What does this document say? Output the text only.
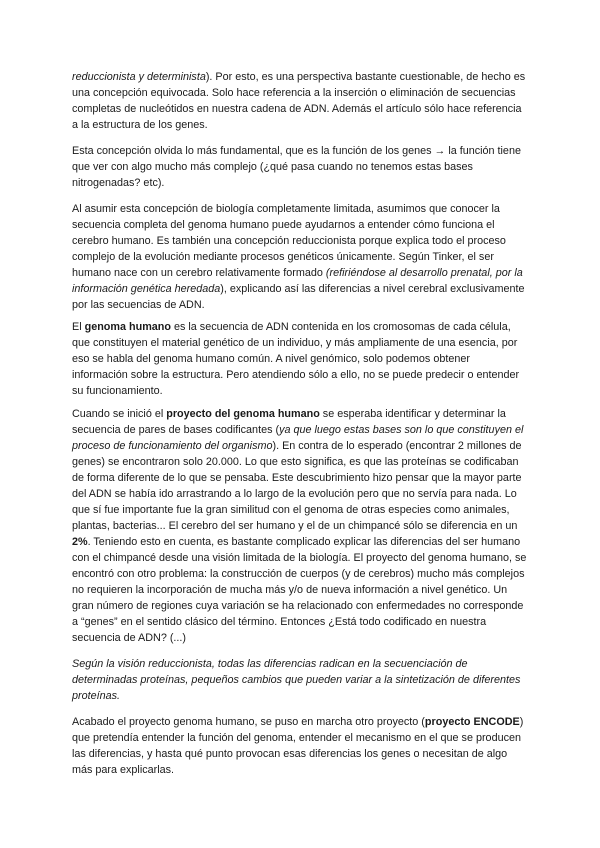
reduccionista y determinista). Por esto, es una perspectiva bastante cuestionable, de hecho es una concepción equivocada. Solo hace referencia a la inserción o eliminación de secuencias completas de nucleótidos en nuestra cadena de ADN. Además el artículo sólo hace referencia a la estructura de los genes.

Esta concepción olvida lo más fundamental, que es la función de los genes → la función tiene que ver con algo mucho más complejo (¿qué pasa cuando no tenemos estas bases nitrogenadas? etc).

Al asumir esta concepción de biología completamente limitada, asumimos que conocer la secuencia completa del genoma humano puede ayudarnos a entender cómo funciona el cerebro humano. Es también una concepción reduccionista porque explica todo el proceso complejo de la evolución mediante procesos genéticos únicamente. Según Tinker, el ser humano nace con un cerebro relativamente formado (refiriéndose al desarrollo prenatal, por la información genética heredada), explicando así las diferencias a nivel cerebral exclusivamente por las secuencias de ADN.

El genoma humano es la secuencia de ADN contenida en los cromosomas de cada célula, que constituyen el material genético de un individuo, y más ampliamente de una esencia, por eso se habla del genoma humano común. A nivel genómico, solo podemos obtener información sobre la estructura. Pero atendiendo sólo a ello, no se puede predecir o entender su funcionamiento.

Cuando se inició el proyecto del genoma humano se esperaba identificar y determinar la secuencia de pares de bases codificantes (ya que luego estas bases son lo que constituyen el proceso de funcionamiento del organismo). En contra de lo esperado (encontrar 2 millones de genes) se encontraron solo 20.000. Lo que esto significa, es que las proteínas se codificaban de forma diferente de lo que se pensaba. Este descubrimiento hizo pensar que la mayor parte del ADN se había ido arrastrando a lo largo de la evolución pero que no servía para nada. Lo que sí fue importante fue la gran similitud con el genoma de otras especies como animales, plantas, bacterias... El cerebro del ser humano y el de un chimpancé sólo se diferencia en un 2%. Teniendo esto en cuenta, es bastante complicado explicar las diferencias del ser humano con el chimpancé desde una visión limitada de la biología. El proyecto del genoma humano, se encontró con otro problema: la construcción de cuerpos (y de cerebros) mucho más complejos no requieren la incorporación de mucha más y/o de nueva información a nivel genético. Un gran número de regiones cuya variación se ha relacionado con enfermedades no corresponde a “genes” en el sentido clásico del término. Entonces ¿Está todo codificado en nuestra secuencia de ADN? (...)

Según la visión reduccionista, todas las diferencias radican en la secuenciación de determinadas proteínas, pequeños cambios que pueden variar a la sintetización de diferentes proteínas.

Acabado el proyecto genoma humano, se puso en marcha otro proyecto (proyecto ENCODE) que pretendía entender la función del genoma, entender el mecanismo en el que se producen las diferencias, y hasta qué punto provocan esas diferencias los genes o necesitan de algo más para explicarlas.
